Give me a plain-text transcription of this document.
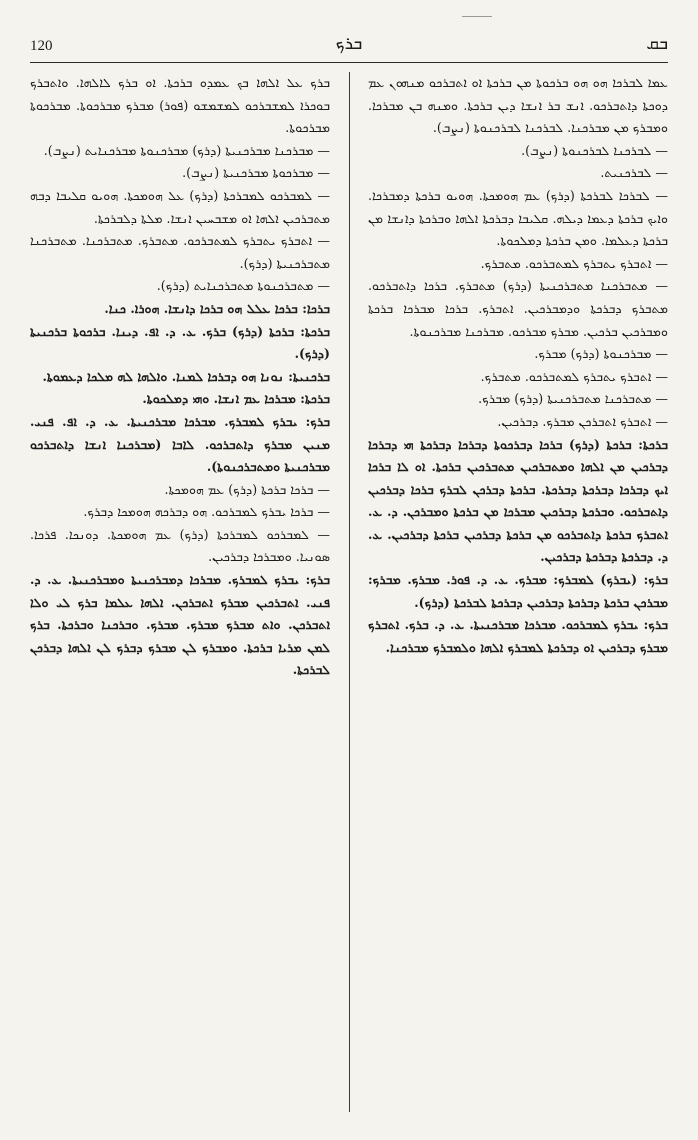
120	ܒܪܟ	ܒܩ

ܒܪܟ ܥܠ ܐܠܗܐ ܒܟ ܥܡܕܘ ܒܪܟܬܐ. ܐܘ ܒܪܟ ܠܐܠܗܐ. ܘܐܬܒܪܟ ܒܘܟܪܐ ܠܡܫܒܪܟܘ ܠܡܫܡܫܘ (ܦܘܪ) ܡܒܪܟ ܡܒܪܟܘܬܐ. ܡܒܪܟܘܬܐ ܡܒܪܟܘܬܐ.

— ܡܒܪܟܢܐ ܡܒܪܟܢܝܬܐ (ܕܪܟ) ܡܒܪܟܢܘܬܐ ܡܒܪܟܢܐܝܬ (ܢܨܒ).

— ܡܒܪܟܘܬܐ ܡܒܪܟܢܝܬܐ (ܢܨܒ).

— ܠܡܒܪܟܘ ܠܡܒܪܟܬܐ (ܕܪܟ) ܥܠ ܗܘܡܟܬܐ. ܗܘܝܘ ܩܠܝܒܐ ܕܒܗ ܡܬܒܪܟܝܢ ܐܠܗܐ ܐܘ ܡܫܒܚܝܢ ܐܢܫܐ. ܡܠܬܐ ܕܠܒܪܟܬܐ.

— ܐܬܒܪܟ ܝܬܒܪܟ ܠܡܬܒܪܟܘ. ܡܬܒܪܟ. ܡܬܒܪܟܢܐ. ܡܬܒܪܟܢܐ ܡܬܒܪܟܢܝܬܐ (ܕܪܟ).

— ܡܬܒܪܟܢܘܬܐ ܡܬܒܪܟܢܐܝܬ (ܕܪܟ).

ܒܪܟܐ: ܒܪܟܐ ܥܠܠ ܗܘ ܒܪܟܐ ܕܐܢܫܐ. ܗܘܪܐ. ܟܢܐ.

ܒܪܟܬܐ: ܒܪܟܬܐ (ܕܪܟ) ܒܪܟ. ܥ. ܕ. ܐܦ. ܕܝܢܐ. ܒܪܟܘܬܐ ܒܪܟܢܝܬܐ (ܕܪܟ).

ܒܪܟܢܝܬܐ: ܢܘܢܐ ܗܘ ܕܒܪܟܐ ܠܡܢܐ. ܘܐܠܗܐ ܠܗ ܡܠܟܐ ܕܥܡܘܬܐ.

ܒܪܟܬܐ: ܡܒܪܟܐ ܥܡ ܐܢܫܐ. ܘܗܝ ܕܡܠܟܘܬܐ.

ܒܪܟ: ܝܒܪܟ ܠܡܒܪܟ. ܡܒܪܟܐ ܡܒܪܟܢܝܬܐ. ܥ. ܕ. ܐܦ. ܦܢܝ. ܡܢܝܢ ܡܒܪܟ ܕܐܬܒܪܟܘ. ܠܐܒܐ (ܡܒܪܟܢܐ ܐܢܫܐ ܕܐܬܒܪܟܘ ܡܒܪܟܢܝܬܐ ܘܡܬܒܪܟܢܘܬܐ).

— ܒܪܟܐ ܒܪܟܬܐ (ܕܪܟ) ܥܡ ܗܘܡܟܬܐ.

— ܒܪܟܐ ܝܒܪܟ ܠܡܒܪܟܘ. ܗܘ ܕܒܪܟܗ ܗܘܡܟܐ ܕܒܪܟ.

— ܠܡܒܪܟܘ ܠܡܒܪܟܬܐ (ܕܪܟ) ܥܡ ܗܘܡܟܬܐ. ܕܘܢܟܐ. ܦܪܟܐ. ܣܘܢܝܐ. ܘܡܒܪܟܐ ܕܒܪܟܝܢ.

ܒܪܟ: ܝܒܪܟ ܠܡܒܪܟ. ܡܒܪܟܐ ܕܡܒܪܟܢܝܬܐ ܘܡܒܪܟܢܝܬܐ. ܥ. ܕ. ܦܢܝ. ܐܬܒܪܟܝܢ ܡܒܪܟ ܐܬܒܪܟܢ. ܐܠܗܐ ܥܠܡܐ ܒܪܟ ܠܝ ܘܠܐ ܐܬܒܪܟܢ. ܘܐܬ ܡܒܪܟ ܡܒܪܟ. ܡܒܪܟ. ܘܒܪܟܢܐ ܘܒܪܟܬܐ. ܒܪܟ ܠܡܢ ܡܪܝܐ ܒܪܟܬܐ. ܘܡܒܪܟ ܠܢ ܡܒܪܟ ܕܒܪܟ ܠܢ ܐܠܗܐ ܕܒܪܟܢ ܠܒܪܟܬܐ.

ܥܡܐ ܠܒܪܟܐ ܗܘ ܗܘ ܒܪܟܘܬܐ ܡܢ ܒܪܟܬܐ ܐܘ ܐܬܒܪܟܘ ܡܢܗܘܢ ܥܡ ܕܘܟܬܐ ܕܐܬܒܪܟܘ. ܐܢܫ ܒܪ ܐܢܫܐ ܕܝܢ ܒܪܟܬܐ. ܘܡܢܗ ܒܢ ܡܒܪܟܐ. ܘܡܒܪܟ ܡܢ ܡܒܪܟܢܐ. ܠܒܪܟܢܐ ܠܒܪܟܢܘܬܐ (ܢܨܒ).

— ܠܒܪܟܢܐ ܠܒܪܟܢܘܬܐ (ܢܨܒ).

— ܠܒܪܟܢܝܬ.

— ܠܒܪܟܐ ܠܒܪܟܬܐ (ܕܪܟ) ܥܡ ܗܘܡܟܬܐ. ܗܘܝܘ ܒܪܟܬܐ ܕܡܒܪܟܐ. ܘܐܝܟ ܒܪܟܬܐ ܕܥܡܐ ܕܝܠܗ. ܩܠܝܒܐ ܕܒܪܟܬܐ ܐܠܗܐ ܘܒܪܟܬܐ ܕܐܢܫܐ ܡܢ ܒܪܟܬܐ ܕܥܠܡܐ. ܘܡܢ ܒܪܟܬܐ ܕܡܠܟܘܬܐ.

— ܐܬܒܪܟ ܝܬܒܪܟ ܠܡܬܒܪܟܘ. ܡܬܒܪܟ.

— ܡܬܒܪܟܢܐ ܡܬܒܪܟܢܝܬܐ (ܕܪܟ) ܡܬܒܪܟ. ܒܪܟܐ ܕܐܬܒܪܟܘ. ܡܬܒܪܟ ܕܒܪܟܬܐ ܘܕܡܒܪܟܝܢ. ܐܬܒܪܟ. ܒܪܟܐ ܡܒܪܟܐ ܒܪܟܬܐ ܘܡܒܪܟܝܢ ܒܪܟܝܢ. ܡܒܪܟ ܡܒܪܟܘ. ܡܒܪܟܢܐ ܡܒܪܟܢܘܬܐ.

— ܡܒܪܟܢܘܬܐ (ܕܪܟ) ܡܒܪܟ.

— ܐܬܒܪܟ ܝܬܒܪܟ ܠܡܬܒܪܟܘ. ܡܬܒܪܟ.

— ܡܬܒܪܟܢܐ ܡܬܒܪܟܢܝܬܐ (ܕܪܟ) ܡܒܪܟ.

— ܐܬܒܪܟ ܐܬܒܪܟܢ ܡܒܪܟ. ܕܒܪܟܝܢ.

ܒܪܟܬܐ: ܒܪܟܬܐ (ܕܪܟ) ܒܪܟܐ ܕܒܪܟܘܬܐ ܕܒܪܟܐ ܕܒܪܟܬܐ ܗܝ ܕܒܪܟܐ ܕܒܪܟܝܢ ܡܢ ܐܠܗܐ ܘܡܬܒܪܟܝܢ ܡܬܒܪܟܝܢ ܒܪܟܬܐ. ܐܘ ܠܐ ܒܪܟܐ ܐܝܟ ܕܒܪܟܐ ܕܒܪܟܬܐ ܕܒܪܟܬܐ. ܒܪܟܬܐ ܕܒܪܟܢ ܠܒܪܟ ܒܪܟܐ ܕܒܪܟܝܢ ܕܐܬܒܪܟܘ. ܘܒܪܟܬܐ ܕܒܪܟܝܢ ܡܒܪܟܐ ܡܢ ܒܪܟܬܐ ܘܡܒܪܟܢ. ܕ. ܥ. ܐܬܒܪܟ ܒܪܟܬܐ ܕܐܬܒܪܟܘ ܡܢ ܒܪܟܬܐ ܕܒܪܟܝܢ ܒܪܟܬܐ ܕܒܪܟܝܢ. ܥ. ܕ. ܕܒܪܟܬܐ ܕܒܪܟܬܐ ܕܒܪܟܝܢ.

ܒܪܟ: (ܝܒܪܟ) ܠܡܒܪܟ: ܡܒܪܟ. ܥ. ܕ. ܦܘܪ. ܡܒܪܟ. ܡܒܪܟ: ܡܒܪܟܢ ܒܪܟܬܐ ܕܒܪܟܬܐ ܕܒܪܟܝܢ ܕܒܪܟܬܐ ܠܒܪܟܬܐ (ܕܪܟ).

ܒܪܟ: ܝܒܪܟ ܠܡܒܪܟܘ. ܡܒܪܟܐ ܡܒܪܟܢܝܬܐ. ܥ. ܕ. ܒܪܟ. ܐܬܒܪܟ ܡܒܪܟ ܕܒܪܟܝܢ ܐܘ ܕܒܪܟܬܐ ܠܡܒܪܟ ܐܠܗܐ ܘܠܡܒܪܟ ܡܒܪܟܢܐ.
